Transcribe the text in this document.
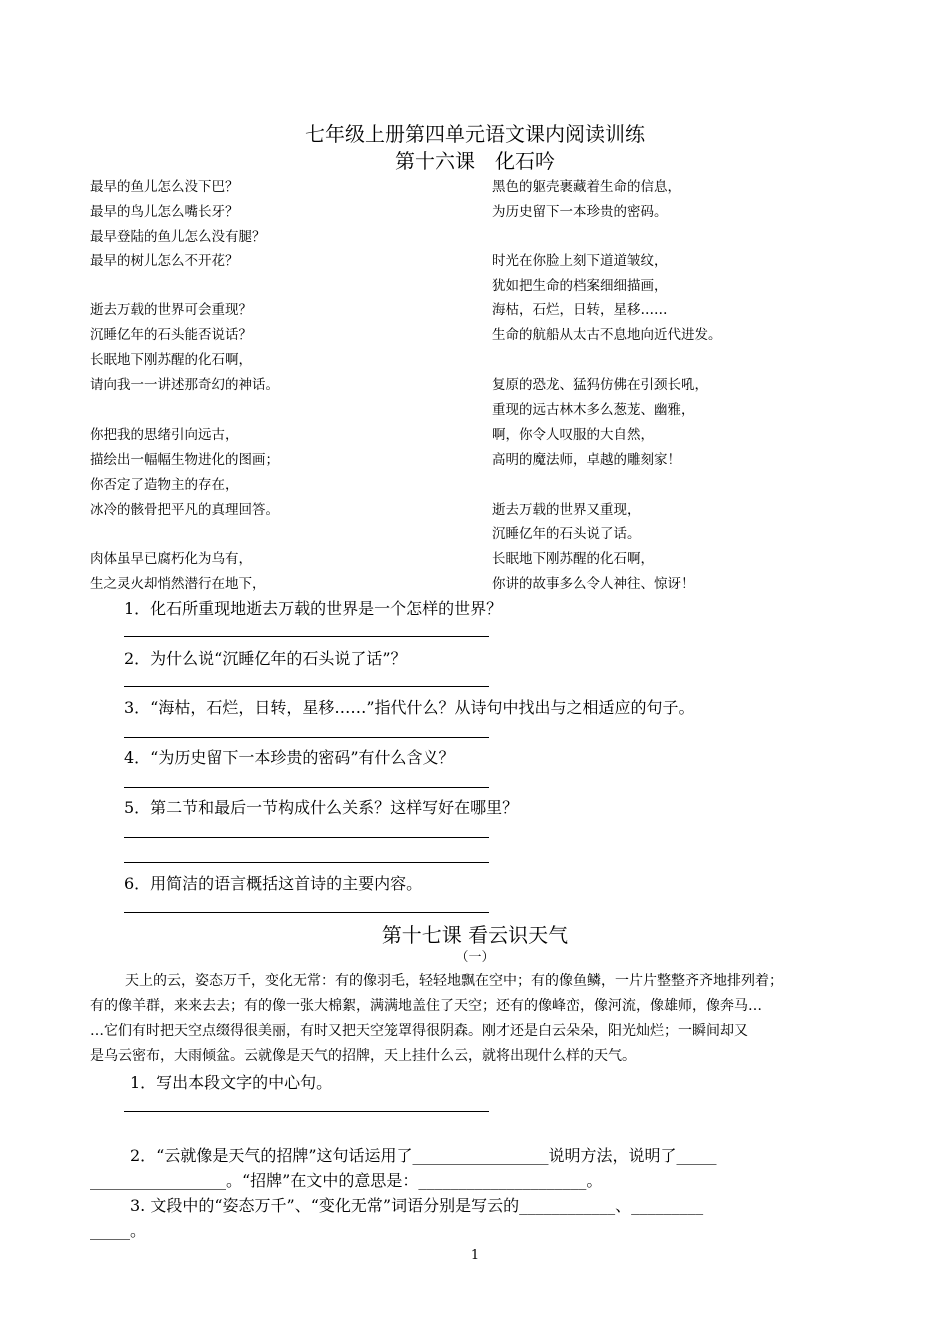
七年级上册第四单元语文课内阅读训练
第十六课　化石吟
最早的鱼儿怎么没下巴？
最早的鸟儿怎么嘴长牙？
最早登陆的鱼儿怎么没有腿？
最早的树儿怎么不开花？
逝去万载的世界可会重现？
沉睡亿年的石头能否说话？
长眠地下刚苏醒的化石啊，
请向我一一讲述那奇幻的神话。
你把我的思绪引向远古，
描绘出一幅幅生物进化的图画；
你否定了造物主的存在，
冰冷的骸骨把平凡的真理回答。
肉体虽早已腐朽化为乌有，
生之灵火却悄然潜行在地下，
黑色的躯壳裹藏着生命的信息，
为历史留下一本珍贵的密码。
时光在你脸上刻下道道皱纹，
犹如把生命的档案细细描画，
海枯，石烂，日转，星移……
生命的航船从太古不息地向近代进发。
复原的恐龙、猛犸仿佛在引颈长吼，
重现的远古林木多么葱茏、幽雅，
啊，你令人叹服的大自然，
高明的魔法师，卓越的雕刻家！
逝去万载的世界又重现，
沉睡亿年的石头说了话。
长眠地下刚苏醒的化石啊，
你讲的故事多么令人神往、惊讶！
1．化石所重现地逝去万载的世界是一个怎样的世界？
2．为什么说“沉睡亿年的石头说了话”？
3．“海枯，石烂，日转，星移……”指代什么？从诗句中找出与之相适应的句子。
4．“为历史留下一本珍贵的密码”有什么含义？
5．第二节和最后一节构成什么关系？这样写好在哪里？
6．用简洁的语言概括这首诗的主要内容。
第十七课 看云识天气
（一）
天上的云，姿态万千，变化无常：有的像羽毛，轻轻地飘在空中；有的像鱼鳞，一片片整整齐齐地排列着；
有的像羊群，来来去去；有的像一张大棉絮，满满地盖住了天空；还有的像峰峦，像河流，像雄师，像奔马…
…它们有时把天空点缀得很美丽，有时又把天空笼罩得很阴森。刚才还是白云朵朵，阳光灿烂；一瞬间却又
是乌云密布，大雨倾盆。云就像是天气的招牌，天上挂什么云，就将出现什么样的天气。
1．写出本段文字的中心句。
2．“云就像是天气的招牌”这句话运用了_________________说明方法，说明了_____
_________________。“招牌”在文中的意思是：_____________________。
3. 文段中的“姿态万千”、“变化无常”词语分别是写云的____________、_________
_____。
1
